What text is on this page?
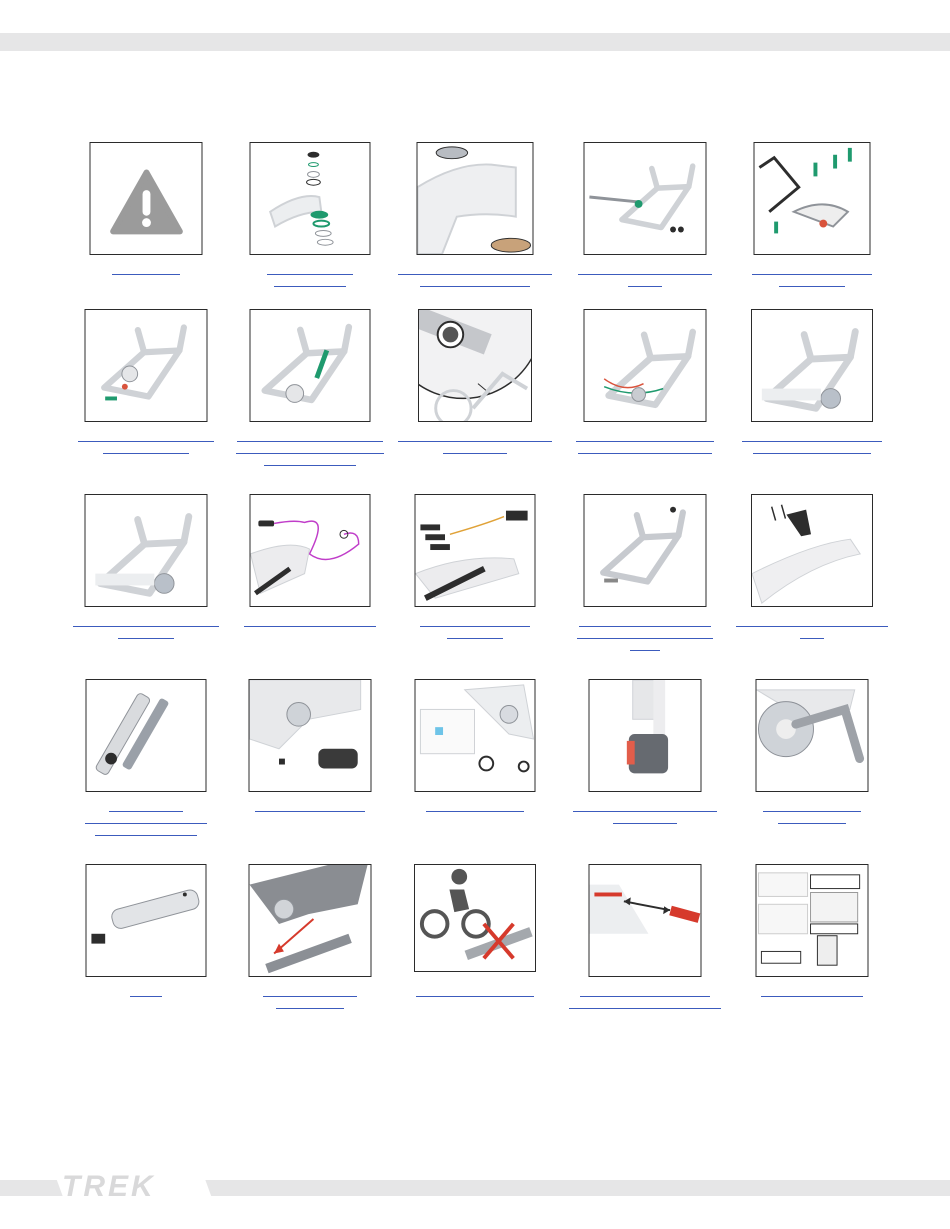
TREK
